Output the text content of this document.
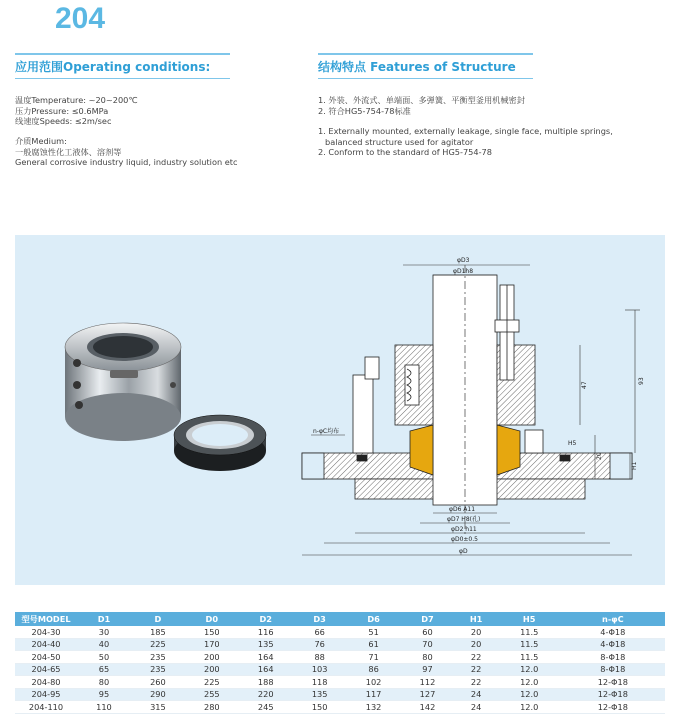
204
应用范围Operating conditions:
温度Temperature: ~20~200℃
压力Pressure: ≤0.6MPa
线速度Speeds: ≤2m/sec
介质Medium:
一般腐蚀性化工液体、溶剂等
General corrosive industry liquid, industry solution etc
结构特点 Features of Structure
1. 外装、外流式、单端面、多弹簧、平衡型釜用机械密封
2. 符合HG5-754-78标准
1. Externally mounted, externally leakage, single face, multiple springs,
balanced structure used for agitator
2. Conform to the standard of HG5-754-78
φD3
φD1h8
93
47
20
H1
H5
n-φC均布
φD6 A11
φD7 H8(孔)
φD2 h11
φD0±0.5
φD
型号MODEL	D1	D	D0	D2	D3	D6	D7	H1	H5	n-φC
204-30	30	185	150	116	66	51	60	20	11.5	4-Φ18
204-40	40	225	170	135	76	61	70	20	11.5	4-Φ18
204-50	50	235	200	164	88	71	80	22	11.5	8-Φ18
204-65	65	235	200	164	103	86	97	22	12.0	8-Φ18
204-80	80	260	225	188	118	102	112	22	12.0	12-Φ18
204-95	95	290	255	220	135	117	127	24	12.0	12-Φ18
204-110	110	315	280	245	150	132	142	24	12.0	12-Φ18
